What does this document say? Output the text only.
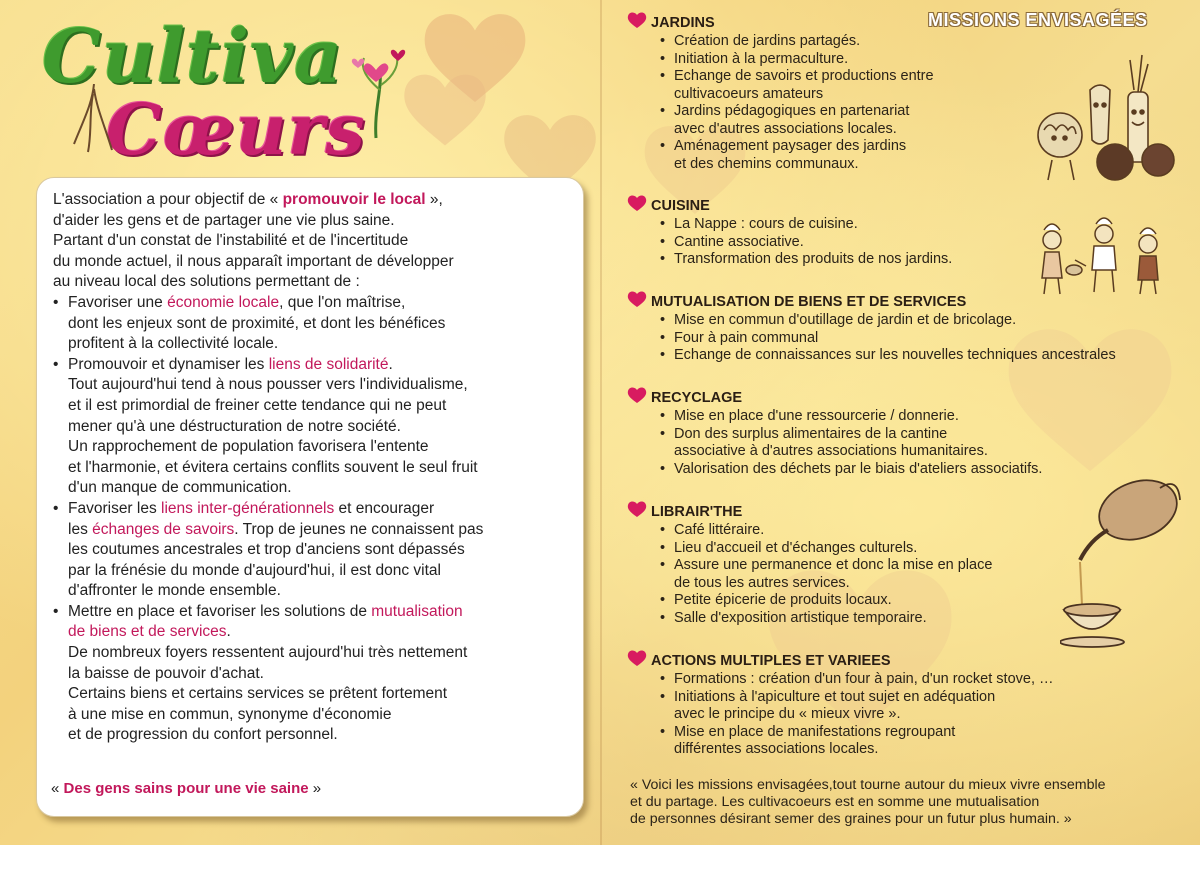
Cultiva
Cœurs
L'association a pour objectif de « promouvoir le local »,
d'aider les gens et de partager une vie plus saine.
Partant d'un constat de l'instabilité et de l'incertitude
du monde actuel, il nous apparaît important de développer
au niveau local des solutions permettant de :
• Favoriser une économie locale, que l'on maîtrise,
dont les enjeux sont de proximité, et dont les bénéfices
profitent à la collectivité locale.
• Promouvoir et dynamiser les liens de solidarité.
Tout aujourd'hui tend à nous pousser vers l'individualisme,
et il est primordial de freiner cette tendance qui ne peut
mener qu'à une déstructuration de notre société.
Un rapprochement de population favorisera l'entente
et l'harmonie, et évitera certains conflits souvent le seul fruit
d'un manque de communication.
• Favoriser les liens inter-générationnels et encourager
les échanges de savoirs. Trop de jeunes ne connaissent pas
les coutumes ancestrales et trop d'anciens sont dépassés
par la frénésie du monde d'aujourd'hui, il est donc vital
d'affronter le monde ensemble.
• Mettre en place et favoriser les solutions de mutualisation
de biens et de services.
De nombreux foyers ressentent aujourd'hui très nettement
la baisse de pouvoir d'achat.
Certains biens et certains services se prêtent fortement
à une mise en commun, synonyme d'économie
et de progression du confort personnel.
« Des gens sains pour une vie saine »
MISSIONS ENVISAGÉES
JARDINS
• Création de jardins partagés.
• Initiation à la permaculture.
• Echange de savoirs et productions entre
cultivacoeurs amateurs
• Jardins pédagogiques en partenariat
avec d'autres associations locales.
• Aménagement paysager des jardins
et des chemins communaux.
CUISINE
• La Nappe : cours de cuisine.
• Cantine associative.
• Transformation des produits de nos jardins.
MUTUALISATION DE BIENS ET DE SERVICES
• Mise en commun d'outillage de jardin et de bricolage.
• Four à pain communal
• Echange de connaissances sur les nouvelles techniques ancestrales
RECYCLAGE
• Mise en place d'une ressourcerie / donnerie.
• Don des surplus alimentaires de la cantine
associative à d'autres associations humanitaires.
• Valorisation des déchets par le biais d'ateliers associatifs.
LIBRAIR'THE
• Café littéraire.
• Lieu d'accueil et d'échanges culturels.
• Assure une permanence et donc la mise en place
de tous les autres services.
• Petite épicerie de produits locaux.
• Salle d'exposition artistique temporaire.
ACTIONS MULTIPLES ET VARIEES
• Formations : création d'un four à pain, d'un rocket stove, …
• Initiations à l'apiculture et tout sujet en adéquation
avec le principe du « mieux vivre ».
• Mise en place de manifestations regroupant
différentes associations locales.
« Voici les missions envisagées,tout tourne autour du mieux vivre ensemble
et du partage. Les cultivacoeurs est en somme une mutualisation
de personnes désirant semer des graines pour un futur plus humain. »
